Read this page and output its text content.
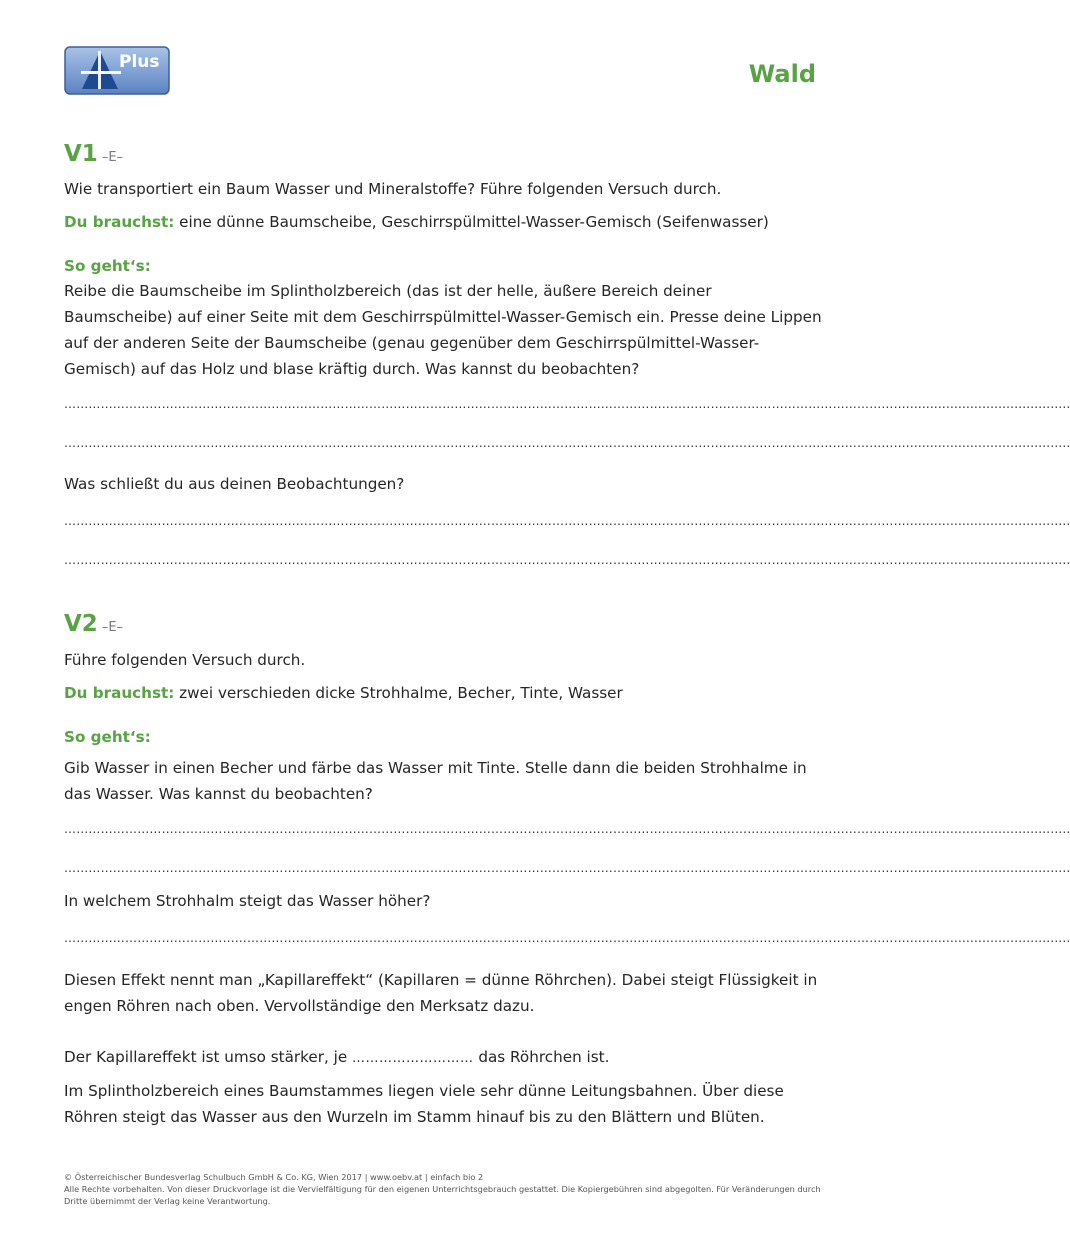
Plus	Wald
V1 –E–
Wie transportiert ein Baum Wasser und Mineralstoffe? Führe folgenden Versuch durch.
Du brauchst: eine dünne Baumscheibe, Geschirrspülmittel-Wasser-Gemisch (Seifenwasser)
So geht‘s:
Reibe die Baumscheibe im Splintholzbereich (das ist der helle, äußere Bereich deiner Baumscheibe) auf einer Seite mit dem Geschirrspülmittel-Wasser-Gemisch ein. Presse deine Lippen auf der anderen Seite der Baumscheibe (genau gegenüber dem Geschirrspülmittel-Wasser-Gemisch) auf das Holz und blase kräftig durch. Was kannst du beobachten?
……………………………………………………………………………………………………………………………………………………………………………………….........................................
……………………………………………………………………………………………………………………………………………………………………………………….........................................
Was schließt du aus deinen Beobachtungen?
……………………………………………………………………………………………………………………………………………………………………………………….........................................
……………………………………………………………………………………………………………………………………………………………………………………….........................................
V2 –E–
Führe folgenden Versuch durch.
Du brauchst: zwei verschieden dicke Strohhalme, Becher, Tinte, Wasser
So geht‘s:
Gib Wasser in einen Becher und färbe das Wasser mit Tinte. Stelle dann die beiden Strohhalme in das Wasser. Was kannst du beobachten?
……………………………………………………………………………………………………………………………………………………………………………………….........................................
……………………………………………………………………………………………………………………………………………………………………………………….........................................
In welchem Strohhalm steigt das Wasser höher?
……………………………………………………………………………………………………………………………………………………………………………………….........................................
Diesen Effekt nennt man „Kapillareffekt“ (Kapillaren = dünne Röhrchen). Dabei steigt Flüssigkeit in engen Röhren nach oben. Vervollständige den Merksatz dazu.
Der Kapillareffekt ist umso stärker, je ……………………… das Röhrchen ist.
Im Splintholzbereich eines Baumstammes liegen viele sehr dünne Leitungsbahnen. Über diese Röhren steigt das Wasser aus den Wurzeln im Stamm hinauf bis zu den Blättern und Blüten.
© Österreichischer Bundesverlag Schulbuch GmbH & Co. KG, Wien 2017 | www.oebv.at | einfach bio 2
Alle Rechte vorbehalten. Von dieser Druckvorlage ist die Vervielfältigung für den eigenen Unterrichtsgebrauch gestattet. Die Kopiergebühren sind abgegolten. Für Veränderungen durch Dritte übernimmt der Verlag keine Verantwortung.
